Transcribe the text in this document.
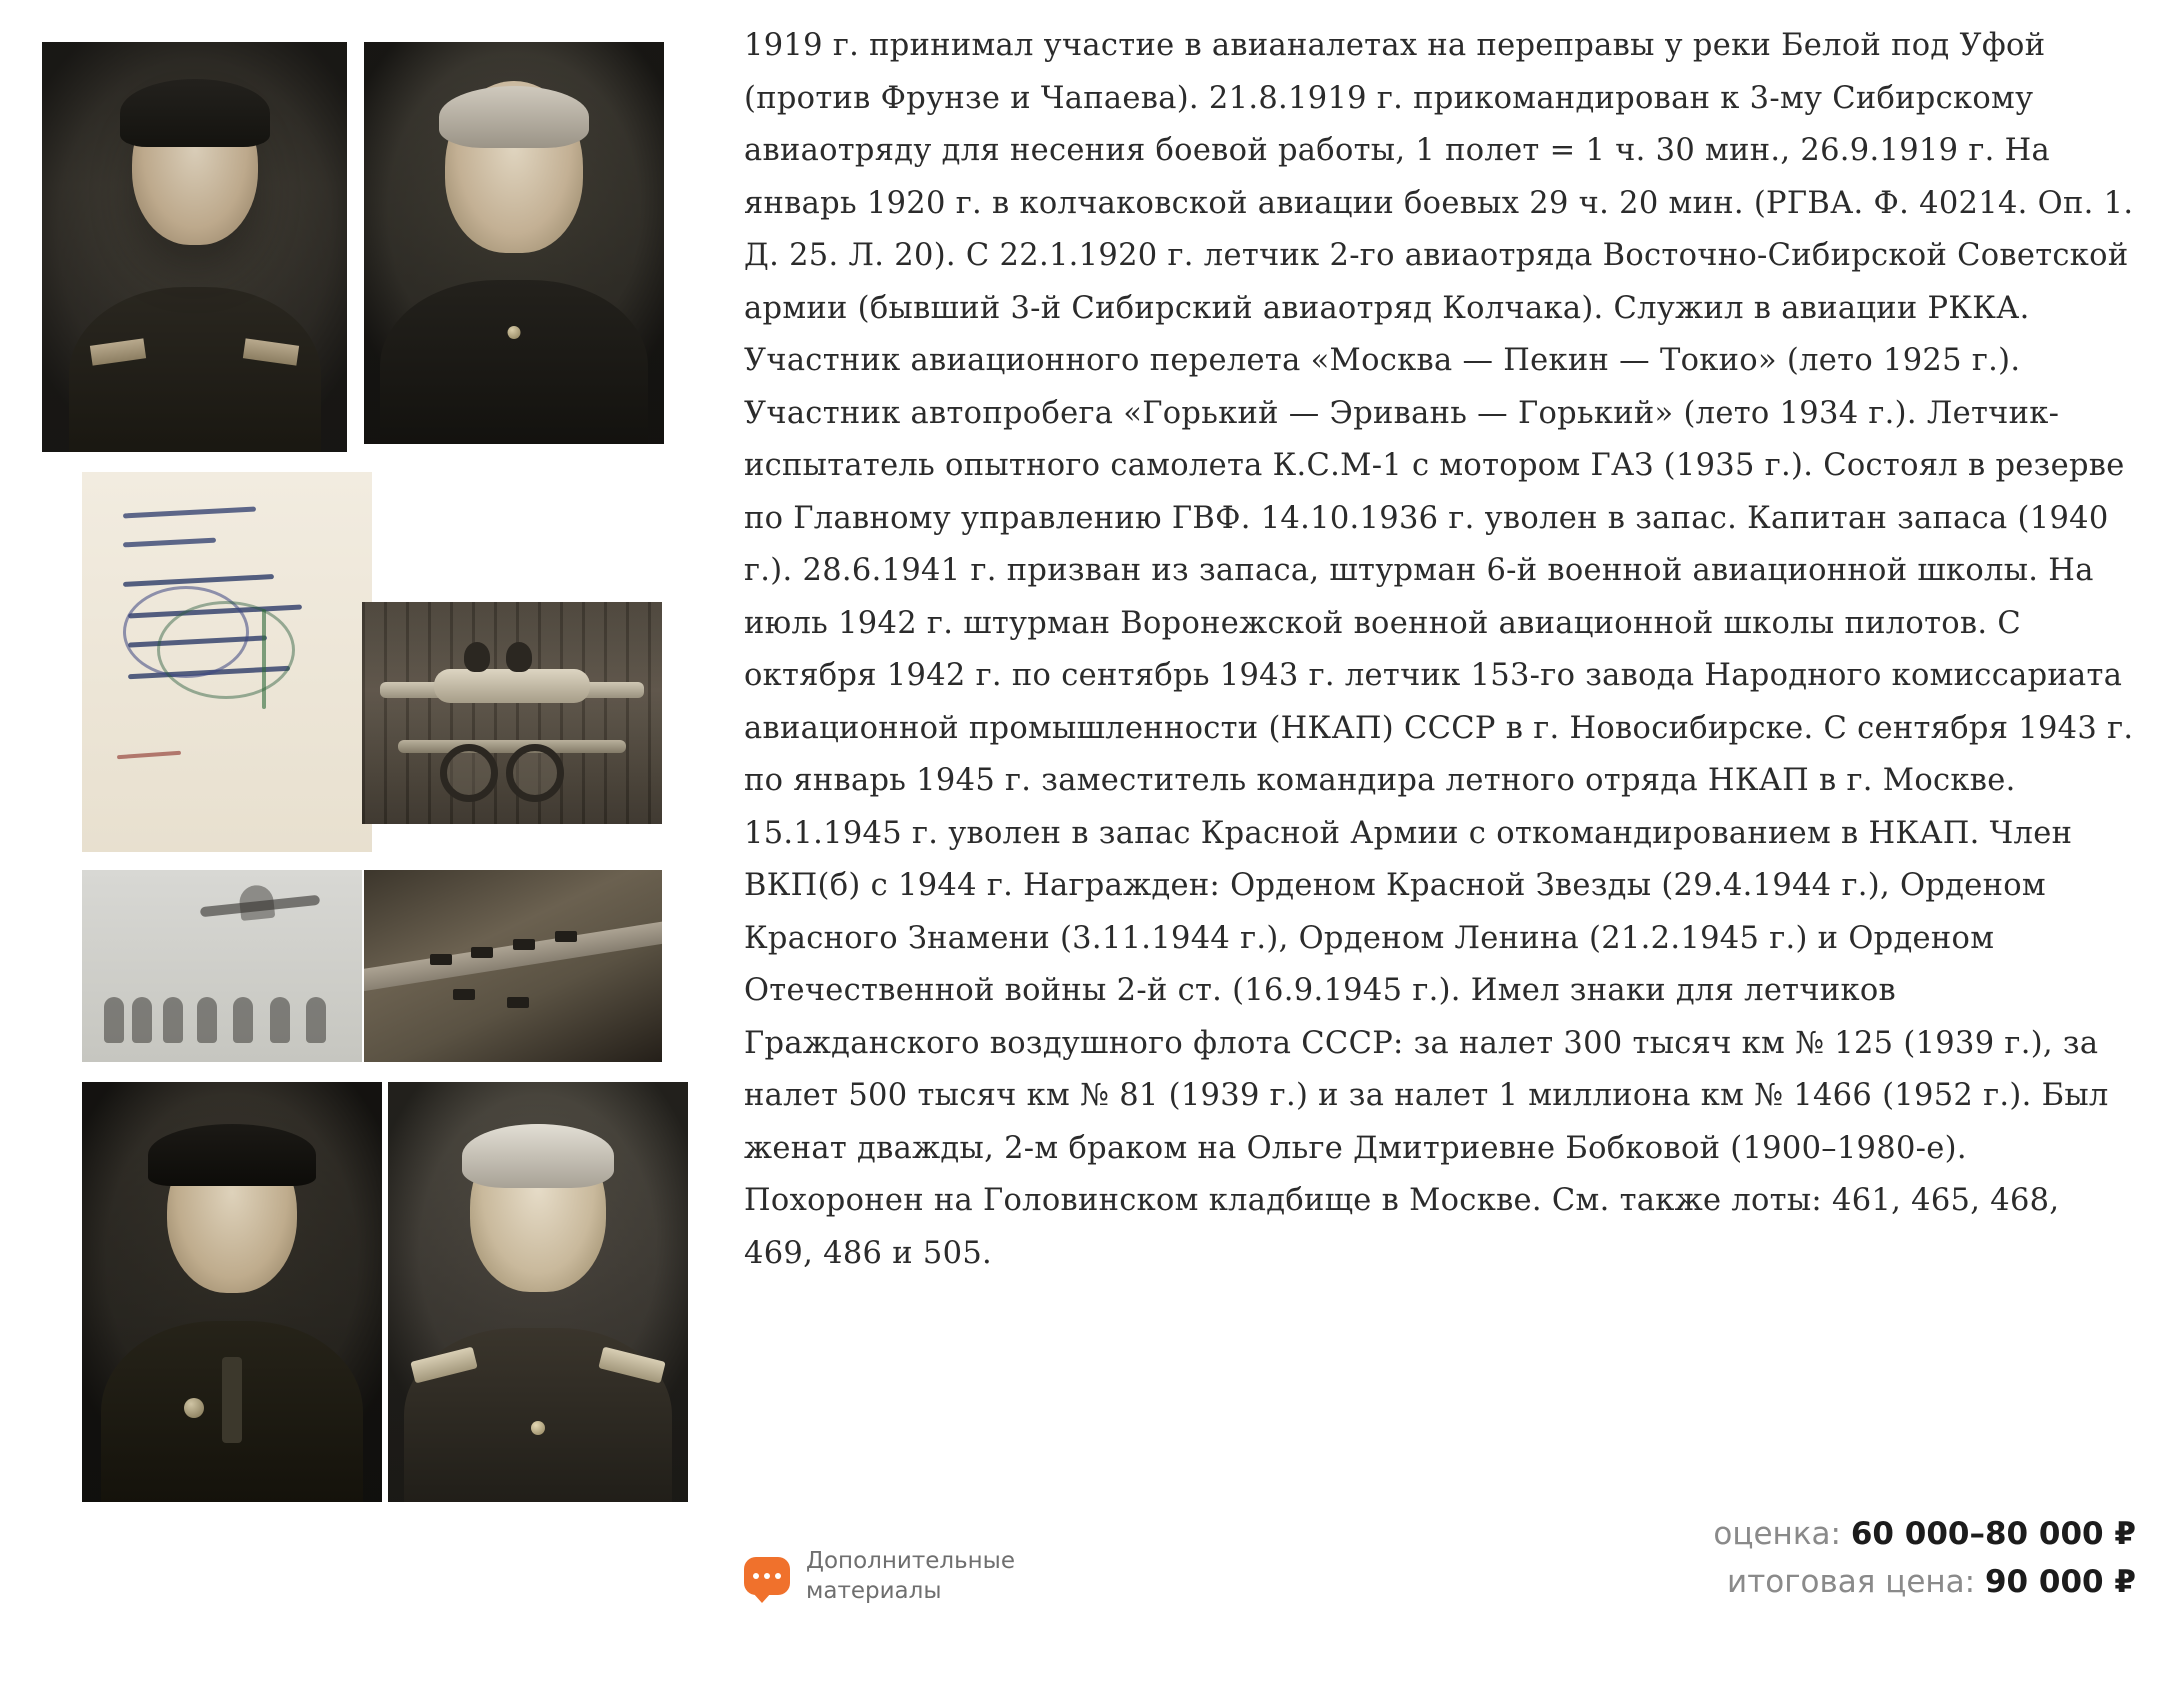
1919 г. принимал участие в авианалетах на переправы у реки Белой под Уфой (против Фрунзе и Чапаева). 21.8.1919 г. прикомандирован к 3-му Сибирскому авиаотряду для несения боевой работы, 1 полет = 1 ч. 30 мин., 26.9.1919 г. На январь 1920 г. в колчаковской авиации боевых 29 ч. 20 мин. (РГВА. Ф. 40214. Оп. 1. Д. 25. Л. 20). С 22.1.1920 г. летчик 2-го авиаотряда Восточно-Сибирской Советской армии (бывший 3-й Сибирский авиаотряд Колчака). Служил в авиации РККА. Участник авиационного перелета «Москва — Пекин — Токио» (лето 1925 г.). Участник автопробега «Горький — Эривань — Горький» (лето 1934 г.). Летчик-испытатель опытного самолета К.С.М-1 с мотором ГАЗ (1935 г.). Состоял в резерве по Главному управлению ГВФ. 14.10.1936 г. уволен в запас. Капитан запаса (1940 г.). 28.6.1941 г. призван из запаса, штурман 6-й военной авиационной школы. На июль 1942 г. штурман Воронежской военной авиационной школы пилотов. С октября 1942 г. по сентябрь 1943 г. летчик 153-го завода Народного комиссариата авиационной промышленности (НКАП) СССР в г. Новосибирске. С сентября 1943 г. по январь 1945 г. заместитель командира летного отряда НКАП в г. Москве. 15.1.1945 г. уволен в запас Красной Армии с откомандированием в НКАП. Член ВКП(б) с 1944 г. Награжден: Орденом Красной Звезды (29.4.1944 г.), Орденом Красного Знамени (3.11.1944 г.), Орденом Ленина (21.2.1945 г.) и Орденом Отечественной войны 2-й ст. (16.9.1945 г.). Имел знаки для летчиков Гражданского воздушного флота СССР: за налет 300 тысяч км № 125 (1939 г.), за налет 500 тысяч км № 81 (1939 г.) и за налет 1 миллиона км № 1466 (1952 г.). Был женат дважды, 2-м браком на Ольге Дмитриевне Бобковой (1900–1980-е). Похоронен на Головинском кладбище в Москве. См. также лоты: 461, 465, 468, 469, 486 и 505.
Дополнительные
материалы
оценка: 60 000–80 000 ₽
итоговая цена: 90 000 ₽
